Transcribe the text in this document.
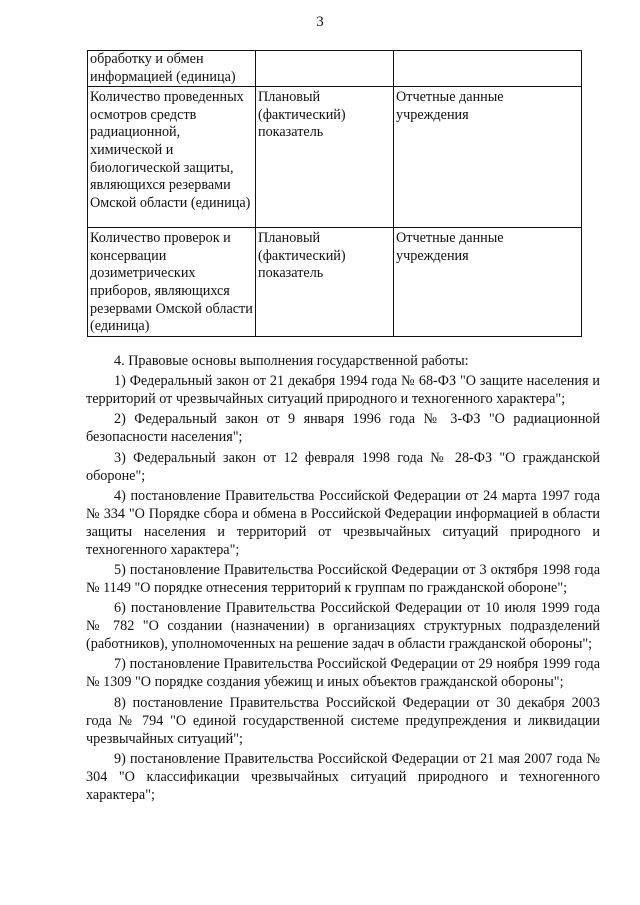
3
обработку и обмен информацией (единица)		
Количество проведенных осмотров средств радиационной, химической и биологической защиты, являющихся резервами Омской области (единица)	Плановый (фактический) показатель	Отчетные данные учреждения
Количество проверок и консервации дозиметрических приборов, являющихся резервами Омской области (единица)	Плановый (фактический) показатель	Отчетные данные учреждения

4. Правовые основы выполнения государственной работы:

1) Федеральный закон от 21 декабря 1994 года № 68-ФЗ "О защите населения и территорий от чрезвычайных ситуаций природного и техногенного характера";

2) Федеральный закон от 9 января 1996 года № 3-ФЗ "О радиационной безопасности населения";

3) Федеральный закон от 12 февраля 1998 года № 28-ФЗ "О гражданской обороне";

4) постановление Правительства Российской Федерации от 24 марта 1997 года № 334 "О Порядке сбора и обмена в Российской Федерации информацией в области защиты населения и территорий от чрезвычайных ситуаций природного и техногенного характера";

5) постановление Правительства Российской Федерации от 3 октября 1998 года № 1149 "О порядке отнесения территорий к группам по гражданской обороне";

6) постановление Правительства Российской Федерации от 10 июля 1999 года № 782 "О создании (назначении) в организациях структурных подразделений (работников), уполномоченных на решение задач в области гражданской обороны";

7) постановление Правительства Российской Федерации от 29 ноября 1999 года № 1309 "О порядке создания убежищ и иных объектов гражданской обороны";

8) постановление Правительства Российской Федерации от 30 декабря 2003 года № 794 "О единой государственной системе предупреждения и ликвидации чрезвычайных ситуаций";

9) постановление Правительства Российской Федерации от 21 мая 2007 года № 304 "О классификации чрезвычайных ситуаций природного и техногенного характера";
